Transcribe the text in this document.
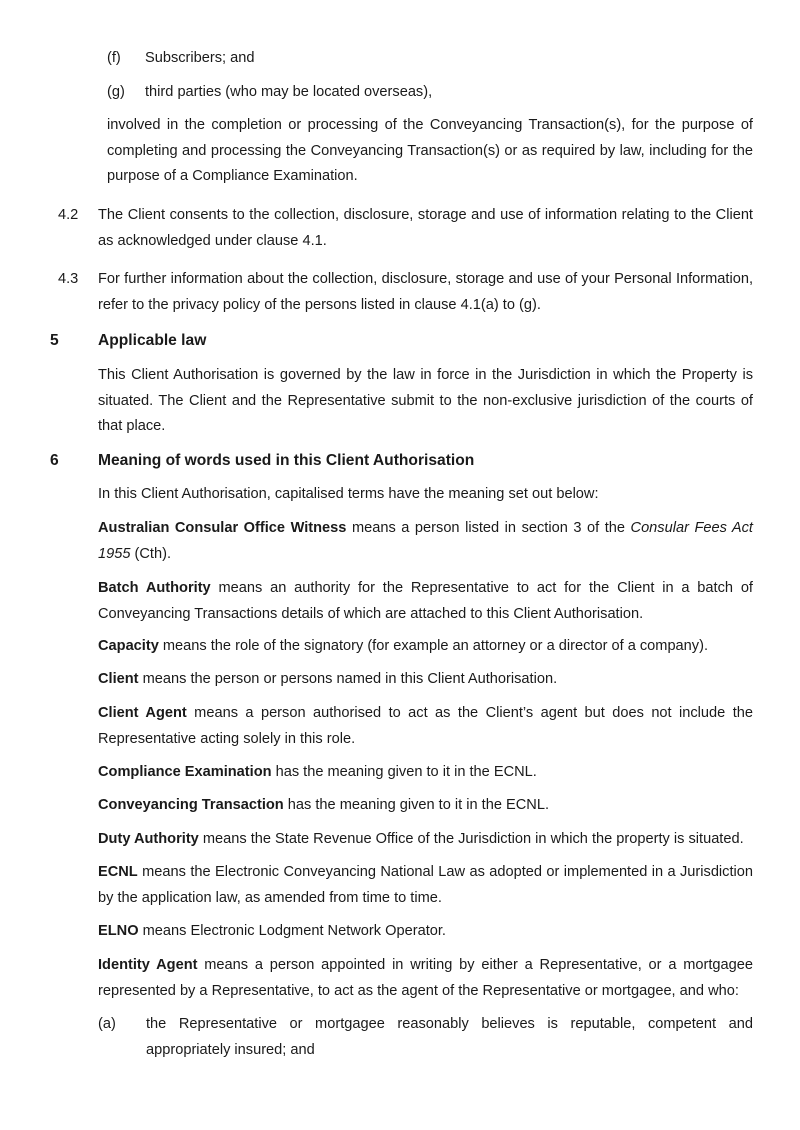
(f) Subscribers; and
(g) third parties (who may be located overseas),
involved in the completion or processing of the Conveyancing Transaction(s), for the purpose of completing and processing the Conveyancing Transaction(s) or as required by law, including for the purpose of a Compliance Examination.
4.2 The Client consents to the collection, disclosure, storage and use of information relating to the Client as acknowledged under clause 4.1.
4.3 For further information about the collection, disclosure, storage and use of your Personal Information, refer to the privacy policy of the persons listed in clause 4.1(a) to (g).
5	Applicable law
This Client Authorisation is governed by the law in force in the Jurisdiction in which the Property is situated. The Client and the Representative submit to the non-exclusive jurisdiction of the courts of that place.
6	Meaning of words used in this Client Authorisation
In this Client Authorisation, capitalised terms have the meaning set out below:
Australian Consular Office Witness means a person listed in section 3 of the Consular Fees Act 1955 (Cth).
Batch Authority means an authority for the Representative to act for the Client in a batch of Conveyancing Transactions details of which are attached to this Client Authorisation.
Capacity means the role of the signatory (for example an attorney or a director of a company).
Client means the person or persons named in this Client Authorisation.
Client Agent means a person authorised to act as the Client’s agent but does not include the Representative acting solely in this role.
Compliance Examination has the meaning given to it in the ECNL.
Conveyancing Transaction has the meaning given to it in the ECNL.
Duty Authority means the State Revenue Office of the Jurisdiction in which the property is situated.
ECNL means the Electronic Conveyancing National Law as adopted or implemented in a Jurisdiction by the application law, as amended from time to time.
ELNO means Electronic Lodgment Network Operator.
Identity Agent means a person appointed in writing by either a Representative, or a mortgagee represented by a Representative, to act as the agent of the Representative or mortgagee, and who:
(a) the Representative or mortgagee reasonably believes is reputable, competent and appropriately insured; and
